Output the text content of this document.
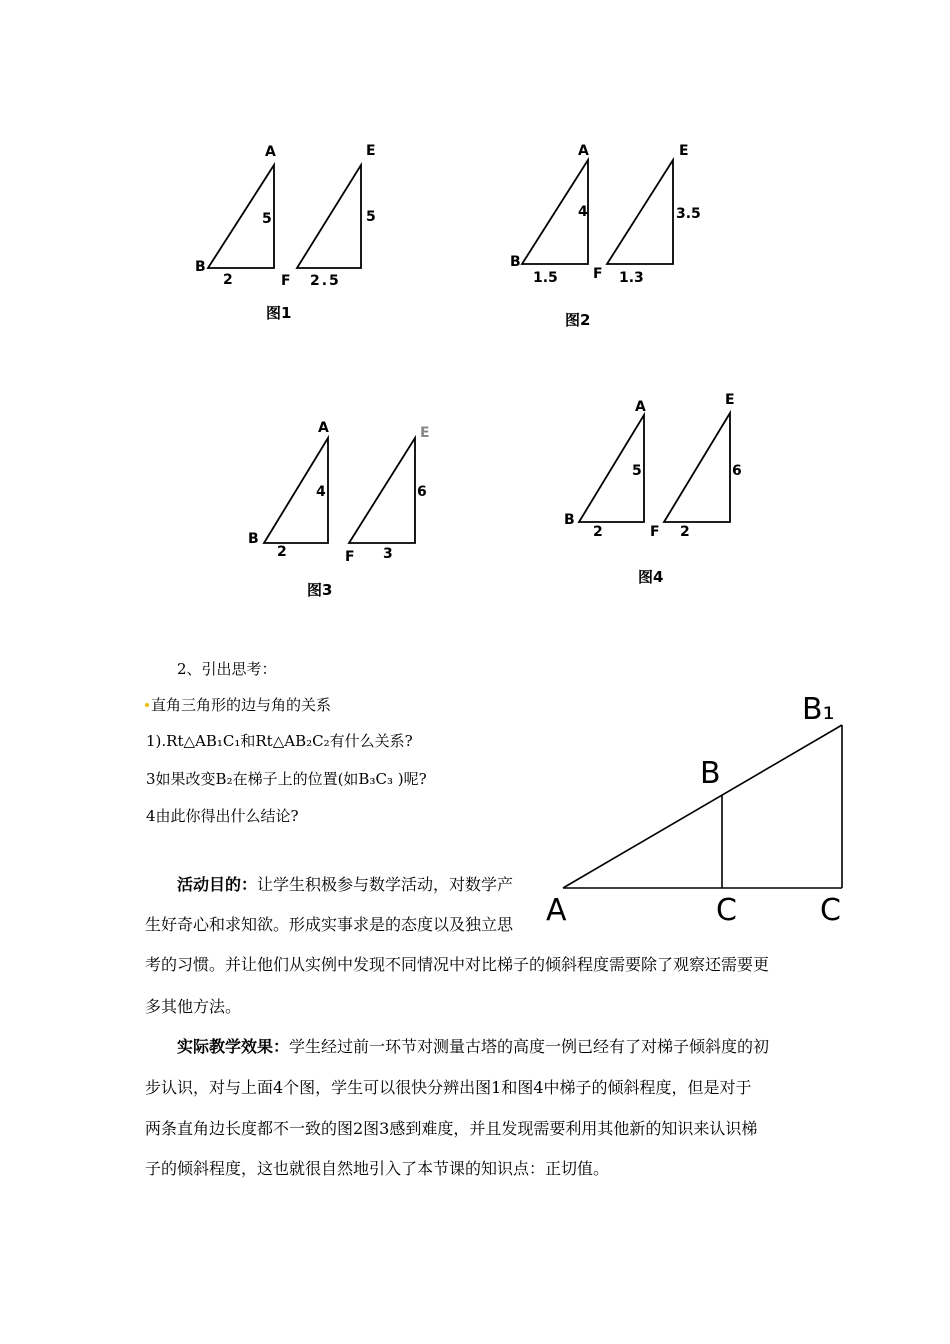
A
5
B
2
E
5
F 2.5
图1
A
4
B
1.5
E
3.5
F 1.3
图2
A
4
B
2
E
6
F 3
图3
A
5
B
2
E
6
F 2
图4
2、引出思考：
直角三角形的边与角的关系
1).Rt△AB₁C₁和Rt△AB₂C₂有什么关系?
3如果改变B₂在梯子上的位置(如B₃C₃ )呢?
4由此你得出什么结论?
B₁
B
A	C	C
活动目的：让学生积极参与数学活动，对数学产
生好奇心和求知欲。形成实事求是的态度以及独立思
考的习惯。并让他们从实例中发现不同情况中对比梯子的倾斜程度需要除了观察还需要更
多其他方法。
实际教学效果：学生经过前一环节对测量古塔的高度一例已经有了对梯子倾斜度的初
步认识，对与上面4个图，学生可以很快分辨出图1和图4中梯子的倾斜程度，但是对于
两条直角边长度都不一致的图2图3感到难度，并且发现需要利用其他新的知识来认识梯
子的倾斜程度，这也就很自然地引入了本节课的知识点：正切值。
